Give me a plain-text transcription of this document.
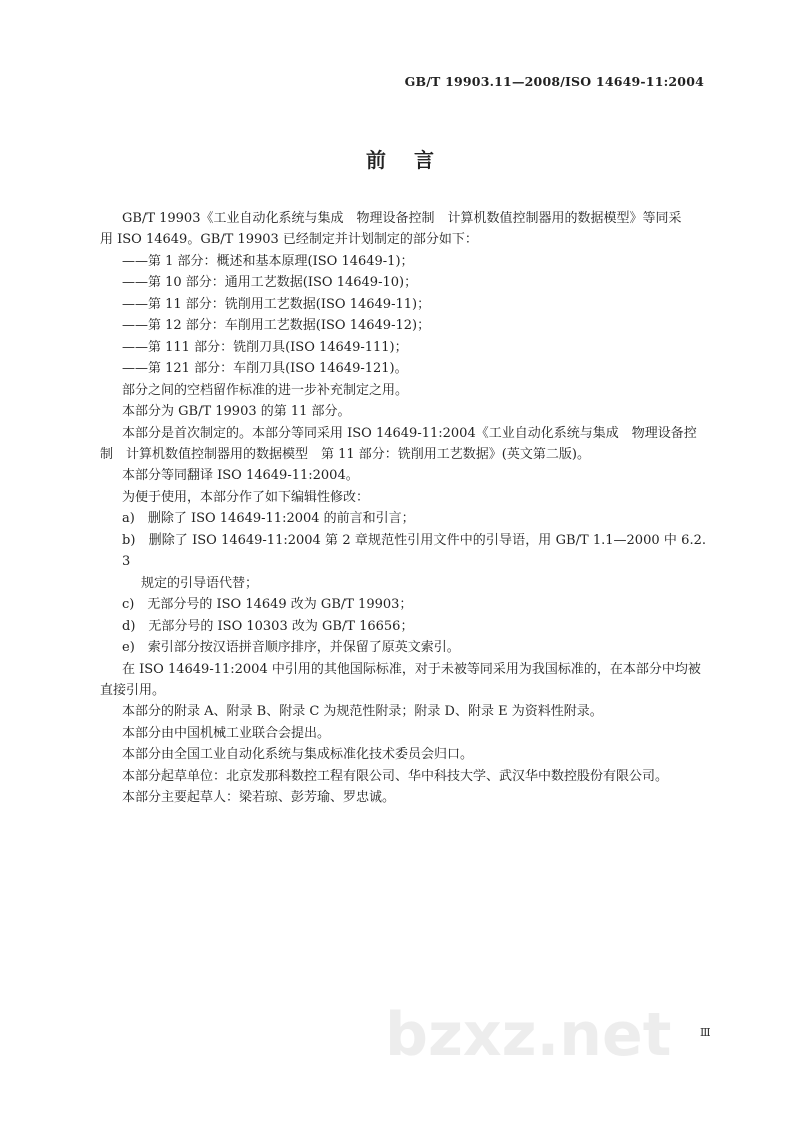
GB/T 19903.11—2008/ISO 14649-11:2004
前言
GB/T 19903《工业自动化系统与集成　物理设备控制　计算机数值控制器用的数据模型》等同采
用 ISO 14649。GB/T 19903 已经制定并计划制定的部分如下：
——第 1 部分：概述和基本原理(ISO 14649-1)；
——第 10 部分：通用工艺数据(ISO 14649-10)；
——第 11 部分：铣削用工艺数据(ISO 14649-11)；
——第 12 部分：车削用工艺数据(ISO 14649-12)；
——第 111 部分：铣削刀具(ISO 14649-111)；
——第 121 部分：车削刀具(ISO 14649-121)。
部分之间的空档留作标准的进一步补充制定之用。
本部分为 GB/T 19903 的第 11 部分。
本部分是首次制定的。本部分等同采用 ISO 14649-11:2004《工业自动化系统与集成　物理设备控
制　计算机数值控制器用的数据模型　第 11 部分：铣削用工艺数据》(英文第二版)。
本部分等同翻译 ISO 14649-11:2004。
为便于使用，本部分作了如下编辑性修改：
a)　删除了 ISO 14649-11:2004 的前言和引言；
b)　删除了 ISO 14649-11:2004 第 2 章规范性引用文件中的引导语，用 GB/T 1.1—2000 中 6.2.3
规定的引导语代替；
c)　无部分号的 ISO 14649 改为 GB/T 19903；
d)　无部分号的 ISO 10303 改为 GB/T 16656；
e)　索引部分按汉语拼音顺序排序，并保留了原英文索引。
在 ISO 14649-11:2004 中引用的其他国际标准，对于未被等同采用为我国标准的，在本部分中均被
直接引用。
本部分的附录 A、附录 B、附录 C 为规范性附录；附录 D、附录 E 为资料性附录。
本部分由中国机械工业联合会提出。
本部分由全国工业自动化系统与集成标准化技术委员会归口。
本部分起草单位：北京发那科数控工程有限公司、华中科技大学、武汉华中数控股份有限公司。
本部分主要起草人：梁若琼、彭芳瑜、罗忠诚。
bzxz.net	Ⅲ
